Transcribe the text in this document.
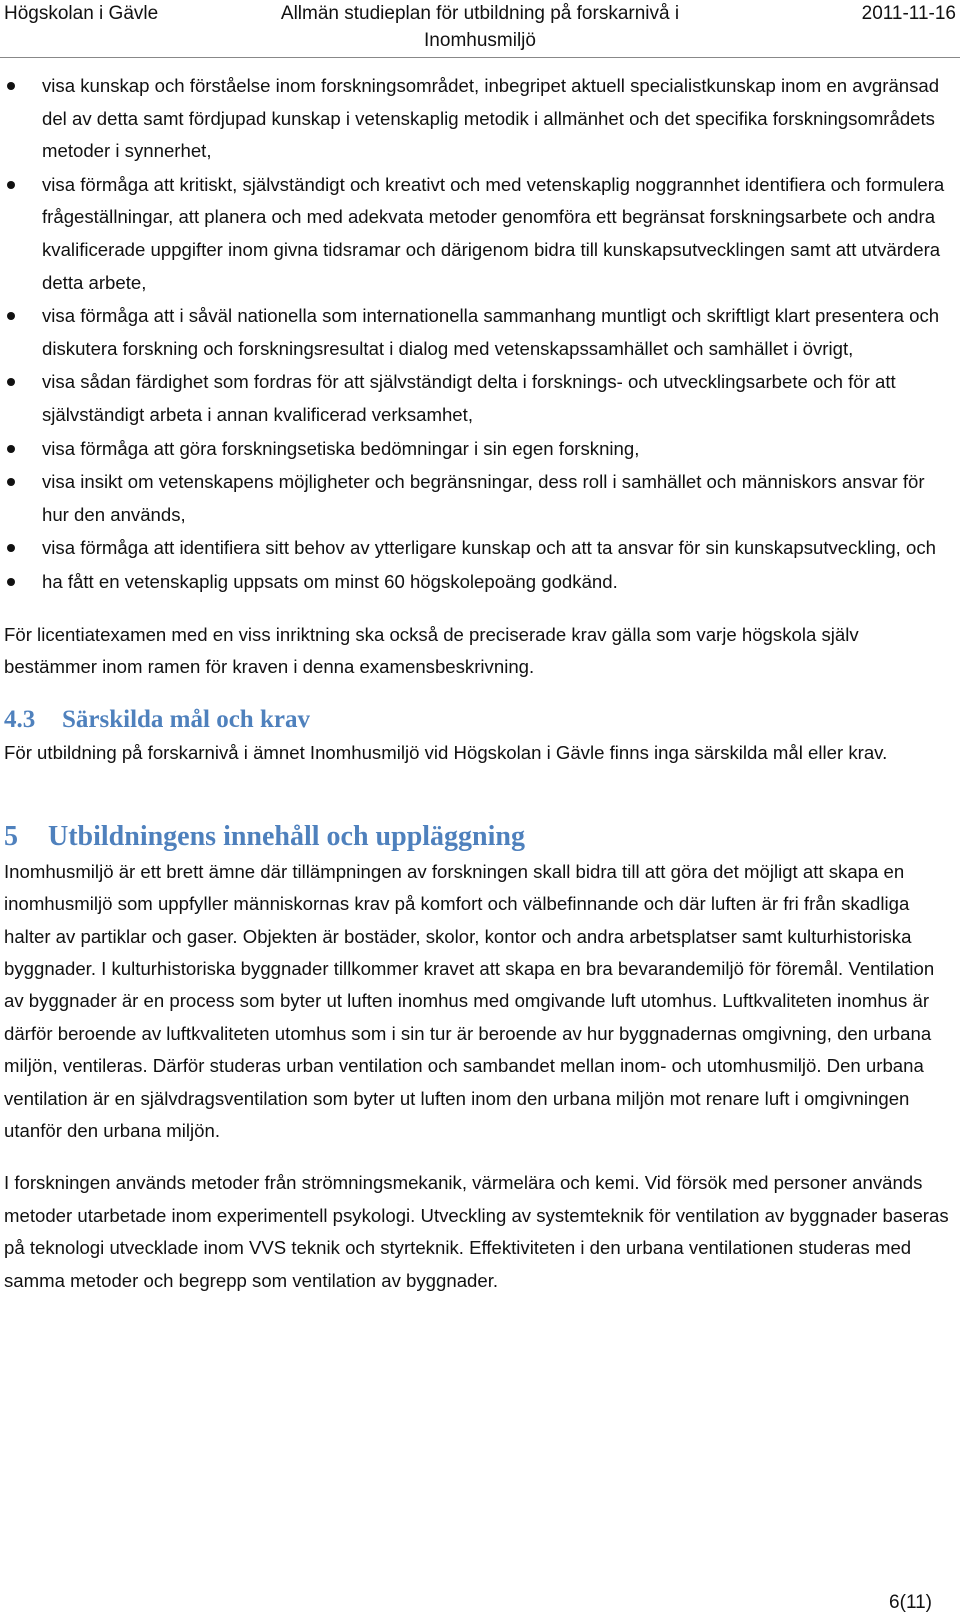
Högskolan i Gävle	Allmän studieplan för utbildning på forskarnivå i
Inomhusmiljö
2011-11-16
visa kunskap och förståelse inom forskningsområdet, inbegripet aktuell specialistkunskap inom en avgränsad del av detta samt fördjupad kunskap i vetenskaplig metodik i allmänhet och det specifika forskningsområdets metoder i synnerhet,
visa förmåga att kritiskt, självständigt och kreativt och med vetenskaplig noggrannhet identifiera och formulera frågeställningar, att planera och med adekvata metoder genomföra ett begränsat forskningsarbete och andra kvalificerade uppgifter inom givna tidsramar och därigenom bidra till kunskapsutvecklingen samt att utvärdera detta arbete,
visa förmåga att i såväl nationella som internationella sammanhang muntligt och skriftligt klart presentera och diskutera forskning och forskningsresultat i dialog med vetenskapssamhället och samhället i övrigt,
visa sådan färdighet som fordras för att självständigt delta i forsknings- och utvecklingsarbete och för att självständigt arbeta i annan kvalificerad verksamhet,
visa förmåga att göra forskningsetiska bedömningar i sin egen forskning,
visa insikt om vetenskapens möjligheter och begränsningar, dess roll i samhället och människors ansvar för hur den används,
visa förmåga att identifiera sitt behov av ytterligare kunskap och att ta ansvar för sin kunskapsutveckling, och
ha fått en vetenskaplig uppsats om minst 60 högskolepoäng godkänd.

För licentiatexamen med en viss inriktning ska också de preciserade krav gälla som varje högskola själv bestämmer inom ramen för kraven i denna examensbeskrivning.

4.3 Särskilda mål och krav

För utbildning på forskarnivå i ämnet Inomhusmiljö vid Högskolan i Gävle finns inga särskilda mål eller krav.

5 Utbildningens innehåll och uppläggning

Inomhusmiljö är ett brett ämne där tillämpningen av forskningen skall bidra till att göra det möjligt att skapa en inomhusmiljö som uppfyller människornas krav på komfort och välbefinnande och där luften är fri från skadliga halter av partiklar och gaser. Objekten är bostäder, skolor, kontor och andra arbetsplatser samt kulturhistoriska byggnader. I kulturhistoriska byggnader tillkommer kravet att skapa en bra bevarandemiljö för föremål. Ventilation av byggnader är en process som byter ut luften inomhus med omgivande luft utomhus. Luftkvaliteten inomhus är därför beroende av luftkvaliteten utomhus som i sin tur är beroende av hur byggnadernas omgivning, den urbana miljön, ventileras. Därför studeras urban ventilation och sambandet mellan inom- och utomhusmiljö. Den urbana ventilation är en självdragsventilation som byter ut luften inom den urbana miljön mot renare luft i omgivningen utanför den urbana miljön.

I forskningen används metoder från strömningsmekanik, värmelära och kemi. Vid försök med personer används metoder utarbetade inom experimentell psykologi. Utveckling av systemteknik för ventilation av byggnader baseras på teknologi utvecklade inom VVS teknik och styrteknik. Effektiviteten i den urbana ventilationen studeras med samma metoder och begrepp som ventilation av byggnader.

6(11)
